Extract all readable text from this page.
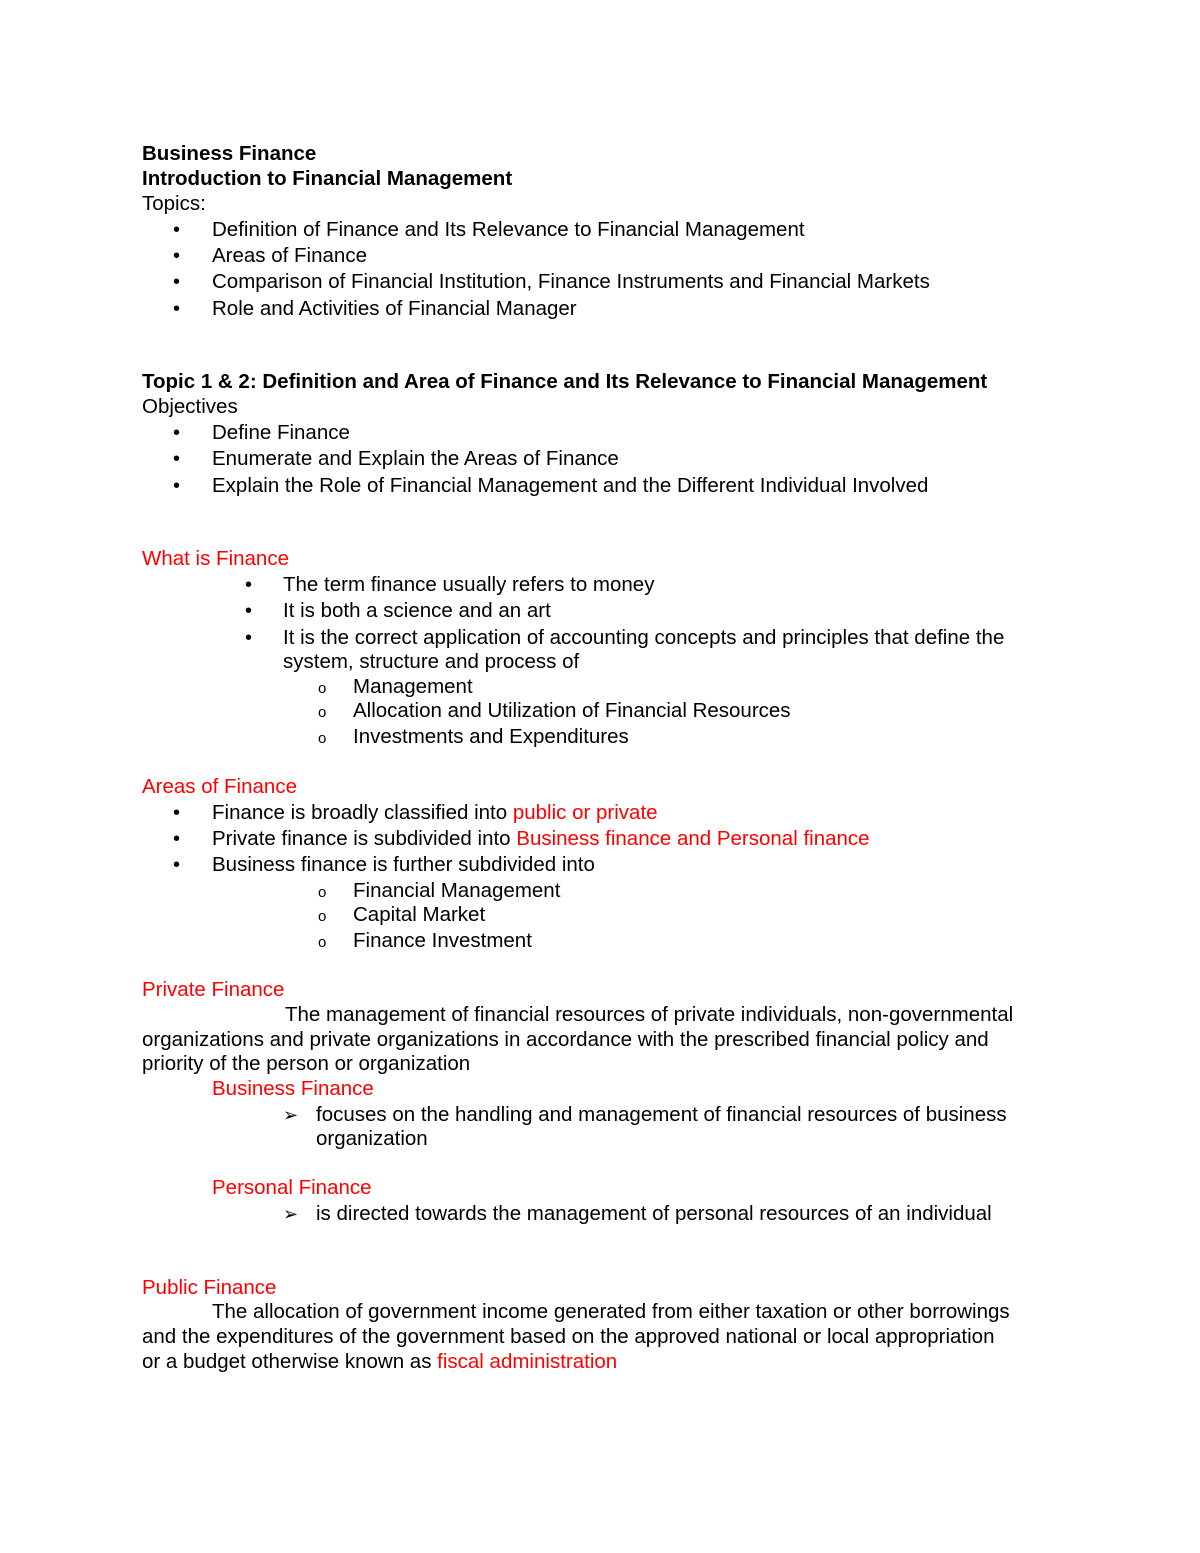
Business Finance
Introduction to Financial Management
Topics:
• Definition of Finance and Its Relevance to Financial Management
• Areas of Finance
• Comparison of Financial Institution, Finance Instruments and Financial Markets
• Role and Activities of Financial Manager
Topic 1 & 2: Definition and Area of Finance and Its Relevance to Financial Management
Objectives
• Define Finance
• Enumerate and Explain the Areas of Finance
• Explain the Role of Financial Management and the Different Individual Involved
What is Finance
• The term finance usually refers to money
• It is both a science and an art
• It is the correct application of accounting concepts and principles that define the
system, structure and process of
o Management
o Allocation and Utilization of Financial Resources
o Investments and Expenditures
Areas of Finance
• Finance is broadly classified into public or private
• Private finance is subdivided into Business finance and Personal finance
• Business finance is further subdivided into
o Financial Management
o Capital Market
o Finance Investment
Private Finance
The management of financial resources of private individuals, non-governmental
organizations and private organizations in accordance with the prescribed financial policy and
priority of the person or organization
Business Finance
➢ focuses on the handling and management of financial resources of business
organization
Personal Finance
➢ is directed towards the management of personal resources of an individual
Public Finance
The allocation of government income generated from either taxation or other borrowings
and the expenditures of the government based on the approved national or local appropriation
or a budget otherwise known as fiscal administration
